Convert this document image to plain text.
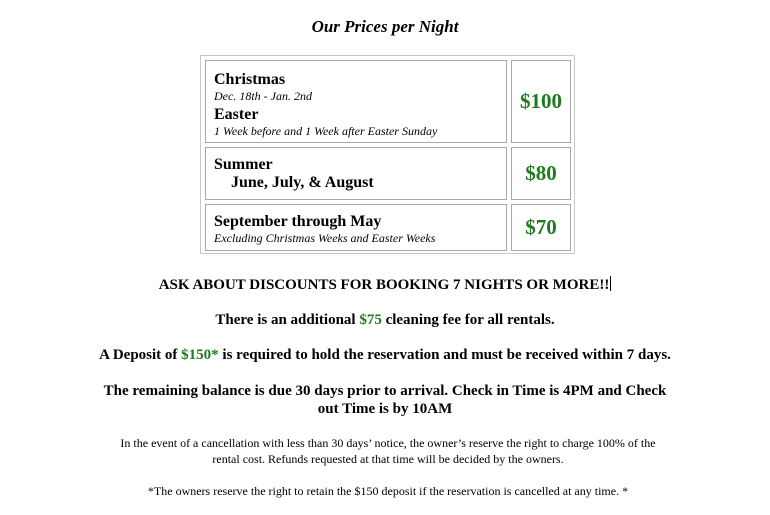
Our Prices per Night
Christmas
Dec. 18th - Jan. 2nd
Easter
1 Week before and 1 Week after Easter Sunday
$100
Summer
June, July, & August	$80
September through May
Excluding Christmas Weeks and Easter Weeks	$70
ASK ABOUT DISCOUNTS FOR BOOKING 7 NIGHTS OR MORE!!
There is an additional $75 cleaning fee for all rentals.
A Deposit of $150* is required to hold the reservation and must be received within 7 days.
The remaining balance is due 30 days prior to arrival. Check in Time is 4PM and Check
out Time is by 10AM
In the event of a cancellation with less than 30 days’ notice, the owner’s reserve the right to charge 100% of the
rental cost. Refunds requested at that time will be decided by the owners.
*The owners reserve the right to retain the $150 deposit if the reservation is cancelled at any time. *
